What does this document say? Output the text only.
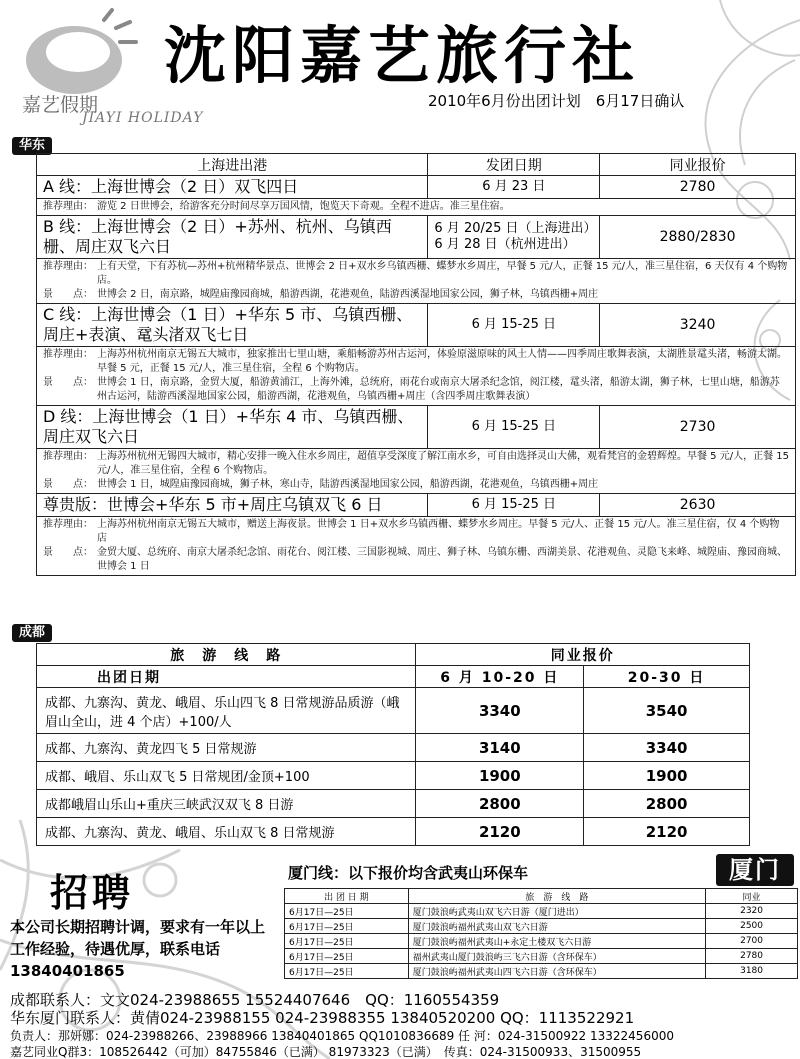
嘉艺假期
JIAYI HOLIDAY
沈阳嘉艺旅行社
2010年6月份出团计划　6月17日确认
华东
上海进出港	发团日期	同业报价
A 线：上海世博会（2 日）双飞四日	6 月 23 日	2780

推荐理由： 游览 2 日世博会，给游客充分时间尽享万国风情，饱览天下奇观。全程不进店。准三星住宿。		

B 线：上海世博会（2 日）+苏州、杭州、乌镇西栅、周庄双飞六日	6 月 20/25 日（上海进出）
6 月 28 日（杭州进出）	2880/2830

推荐理由： 上有天堂，下有苏杭—苏州+杭州精华景点、世博会 2 日+双水乡乌镇西栅、蝶梦水乡周庄，早餐 5 元/人，正餐 15 元/人，准三星住宿，6 天仅有 4 个购物店。
景　　点： 世博会 2 日，南京路，城隍庙豫园商城，船游西湖，花港观鱼，陆游西溪湿地国家公园，狮子林，乌镇西栅+周庄		

C 线：上海世博会（1 日）+华东 5 市、乌镇西栅、周庄+表演、鼋头渚双飞七日	6 月 15-25 日	3240

推荐理由： 上海苏州杭州南京无锡五大城市，独家推出七里山塘，乘船畅游苏州古运河，体验原滋原味的风土人情——四季周庄歌舞表演，太湖胜景鼋头渚，畅游太湖。早餐 5 元，正餐 15 元/人，准三星住宿，全程 6 个购物店。
景　　点： 世博会 1 日，南京路，金贸大厦，船游黄浦江，上海外滩，总统府，雨花台或南京大屠杀纪念馆，阅江楼，鼋头渚，船游太湖，狮子林，七里山塘，船游苏州古运河，陆游西溪湿地国家公园，船游西湖，花港观鱼，乌镇西栅+周庄（含四季周庄歌舞表演）		

D 线：上海世博会（1 日）+华东 4 市、乌镇西栅、周庄双飞六日	6 月 15-25 日	2730

推荐理由： 上海苏州杭州无锡四大城市，精心安排一晚入住水乡周庄，超值享受深度了解江南水乡，可自由选择灵山大佛，观看梵宫的金碧辉煌。早餐 5 元/人，正餐 15 元/人，准三星住宿，全程 6 个购物店。
景　　点： 世博会 1 日，城隍庙豫园商城，狮子林，寒山寺，陆游西溪湿地国家公园，船游西湖，花港观鱼，乌镇西栅+周庄		

尊贵版：世博会+华东 5 市+周庄乌镇双飞 6 日	6 月 15-25 日	2630

推荐理由： 上海苏州杭州南京无锡五大城市，赠送上海夜景。世博会 1 日+双水乡乌镇西栅、蝶梦水乡周庄。早餐 5 元/人、正餐 15 元/人。准三星住宿，仅 4 个购物店
景　　点： 金贸大厦、总统府、南京大屠杀纪念馆、雨花台、阅江楼、三国影视城、周庄、狮子林、乌镇东栅、西湖美景、花港观鱼、灵隐飞来峰、城隍庙、豫园商城、世博会 1 日		
成都
旅　游　线　路	同业报价	
出团日期	6 月 10-20 日	20-30 日
成都、九寨沟、黄龙、峨眉、乐山四飞 8 日常规游品质游（峨眉山全山，进 4 个店）+100/人	3340	3540
成都、九寨沟、黄龙四飞 5 日常规游	3140	3340
成都、峨眉、乐山双飞 5 日常规团/金顶+100	1900	1900
成都峨眉山乐山+重庆三峡武汉双飞 8 日游	2800	2800
成都、九寨沟、黄龙、峨眉、乐山双飞 8 日常规游	2120	2120
招聘
本公司长期招聘计调，要求有一年以上工作经验，待遇优厚，联系电话13840401865
厦门线：以下报价均含武夷山环保车	厦门
出 团 日 期	旅　游　线　路	同业
6月17日—25日	厦门鼓浪屿武夷山双飞六日游（厦门进出）	2320
6月17日—25日	厦门鼓浪屿福州武夷山双飞六日游	2500
6月17日—25日	厦门鼓浪屿福州武夷山+永定土楼双飞六日游	2700
6月17日—25日	福州武夷山厦门鼓浪屿三飞六日游（含环保车）	2780
6月17日—25日	厦门鼓浪屿福州武夷山四飞六日游（含环保车）	3180
成都联系人：文文024-23988655 15524407646　QQ：1160554359
华东厦门联系人：黄倩024-23988155 024-23988355 13840520200 QQ：1113522921
负责人：那妍娜：024-23988266、23988966 13840401865 QQ1010836689 任 河：024-31500922 13322456000
嘉艺同业Q群3：108526442（可加）84755846（已满） 81973323（已满）　传真：024-31500933、31500955
